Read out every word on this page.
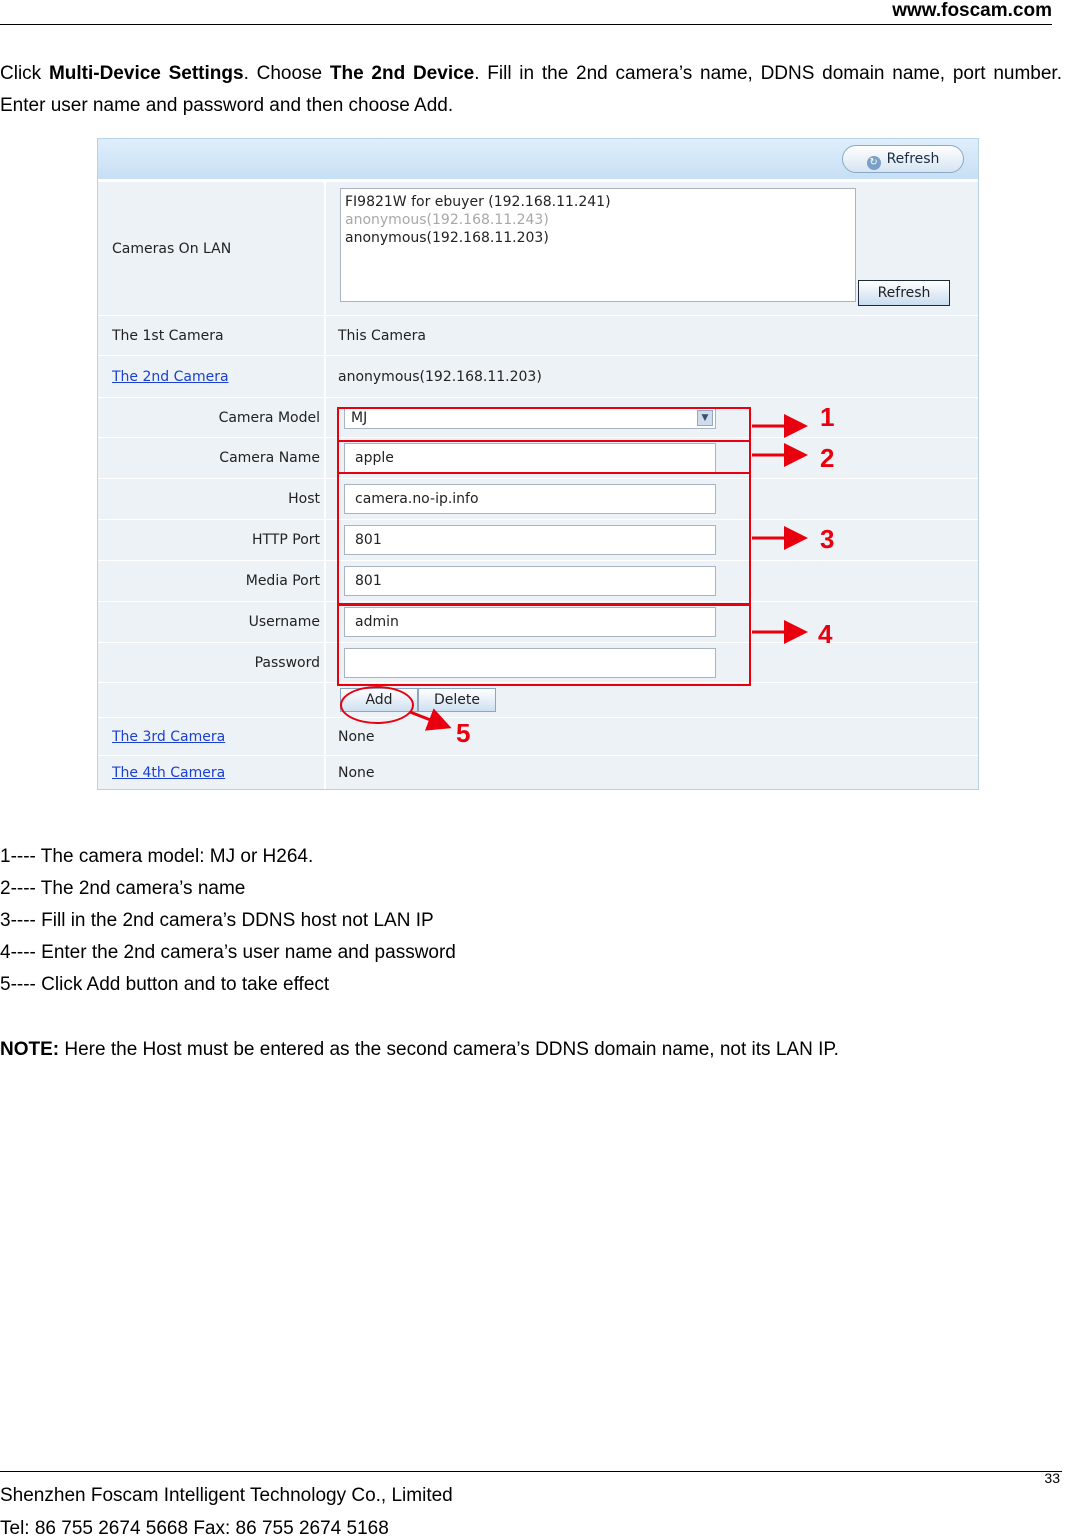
www.foscam.com

Click Multi-Device Settings. Choose The 2nd Device. Fill in the 2nd camera’s name, DDNS domain name, port number. Enter user name and password and then choose Add.

↻ Refresh
Cameras On LAN
FI9821W for ebuyer (192.168.11.241)
anonymous(192.168.11.243)
anonymous(192.168.11.203)
Refresh
The 1st Camera	This Camera
The 2nd Camera	anonymous(192.168.11.203)
Camera Model	MJ	▼
Camera Name	apple
Host	camera.no-ip.info
HTTP Port	801
Media Port	801
Username	admin
Password
Add	Delete
The 3rd Camera	None
The 4th Camera	None
1
2
3
4
5

1---- The camera model: MJ or H264.

2---- The 2nd camera’s name

3---- Fill in the 2nd camera’s DDNS host not LAN IP

4---- Enter the 2nd camera’s user name and password

5---- Click Add button and to take effect

NOTE: Here the Host must be entered as the second camera’s DDNS domain name, not its LAN IP.
33
Shenzhen Foscam Intelligent Technology Co., Limited
Tel: 86 755 2674 5668 Fax: 86 755 2674 5168
